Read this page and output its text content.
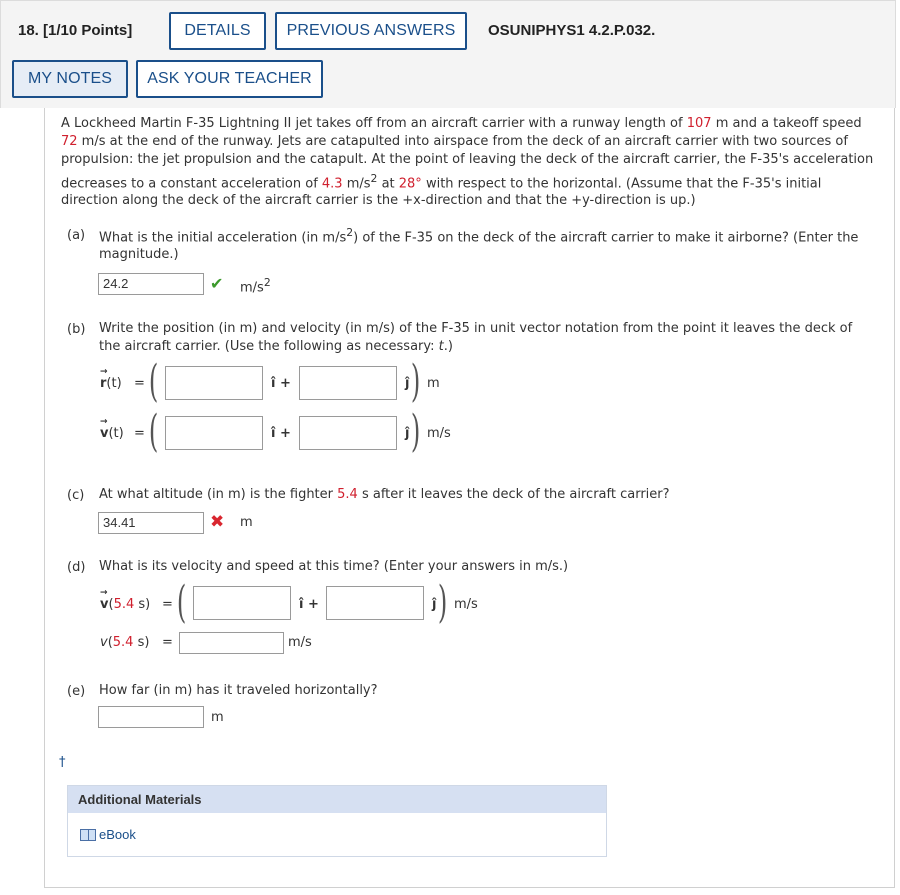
18. [1/10 Points]	DETAILS	PREVIOUS ANSWERS	OSUNIPHYS1 4.2.P.032.
MY NOTES	ASK YOUR TEACHER
A Lockheed Martin F-35 Lightning II jet takes off from an aircraft carrier with a runway length of 107 m and a takeoff speed
72 m/s at the end of the runway. Jets are catapulted into airspace from the deck of an aircraft carrier with two sources of
propulsion: the jet propulsion and the catapult. At the point of leaving the deck of the aircraft carrier, the F-35's acceleration
decreases to a constant acceleration of 4.3 $m/s^2$ at 28° with respect to the horizontal. (Assume that the F-35's initial
direction along the deck of the aircraft carrier is the +x-direction and that the +y-direction is up.)
(a) What is the initial acceleration (in $m/s^2$) of the F-35 on the deck of the aircraft carrier to make it airborne? (Enter the
magnitude.)
24.2	✔ $m/s^2$
(b) Write the position (in m) and velocity (in m/s) of the F-35 in unit vector notation from the point it leaves the deck of
the aircraft carrier. (Use the following as necessary: t.)
→ r(t) = (	î +	ĵ ) m
→ v(t) = (	î +	ĵ ) m/s
(c) At what altitude (in m) is the fighter 5.4 s after it leaves the deck of the aircraft carrier?
34.41	✖ m
(d) What is its velocity and speed at this time? (Enter your answers in m/s.)
→ v(5.4 s) = (	î +	ĵ ) m/s
v(5.4 s) =	m/s
(e) How far (in m) has it traveled horizontally?
m
†
Additional Materials
eBook
